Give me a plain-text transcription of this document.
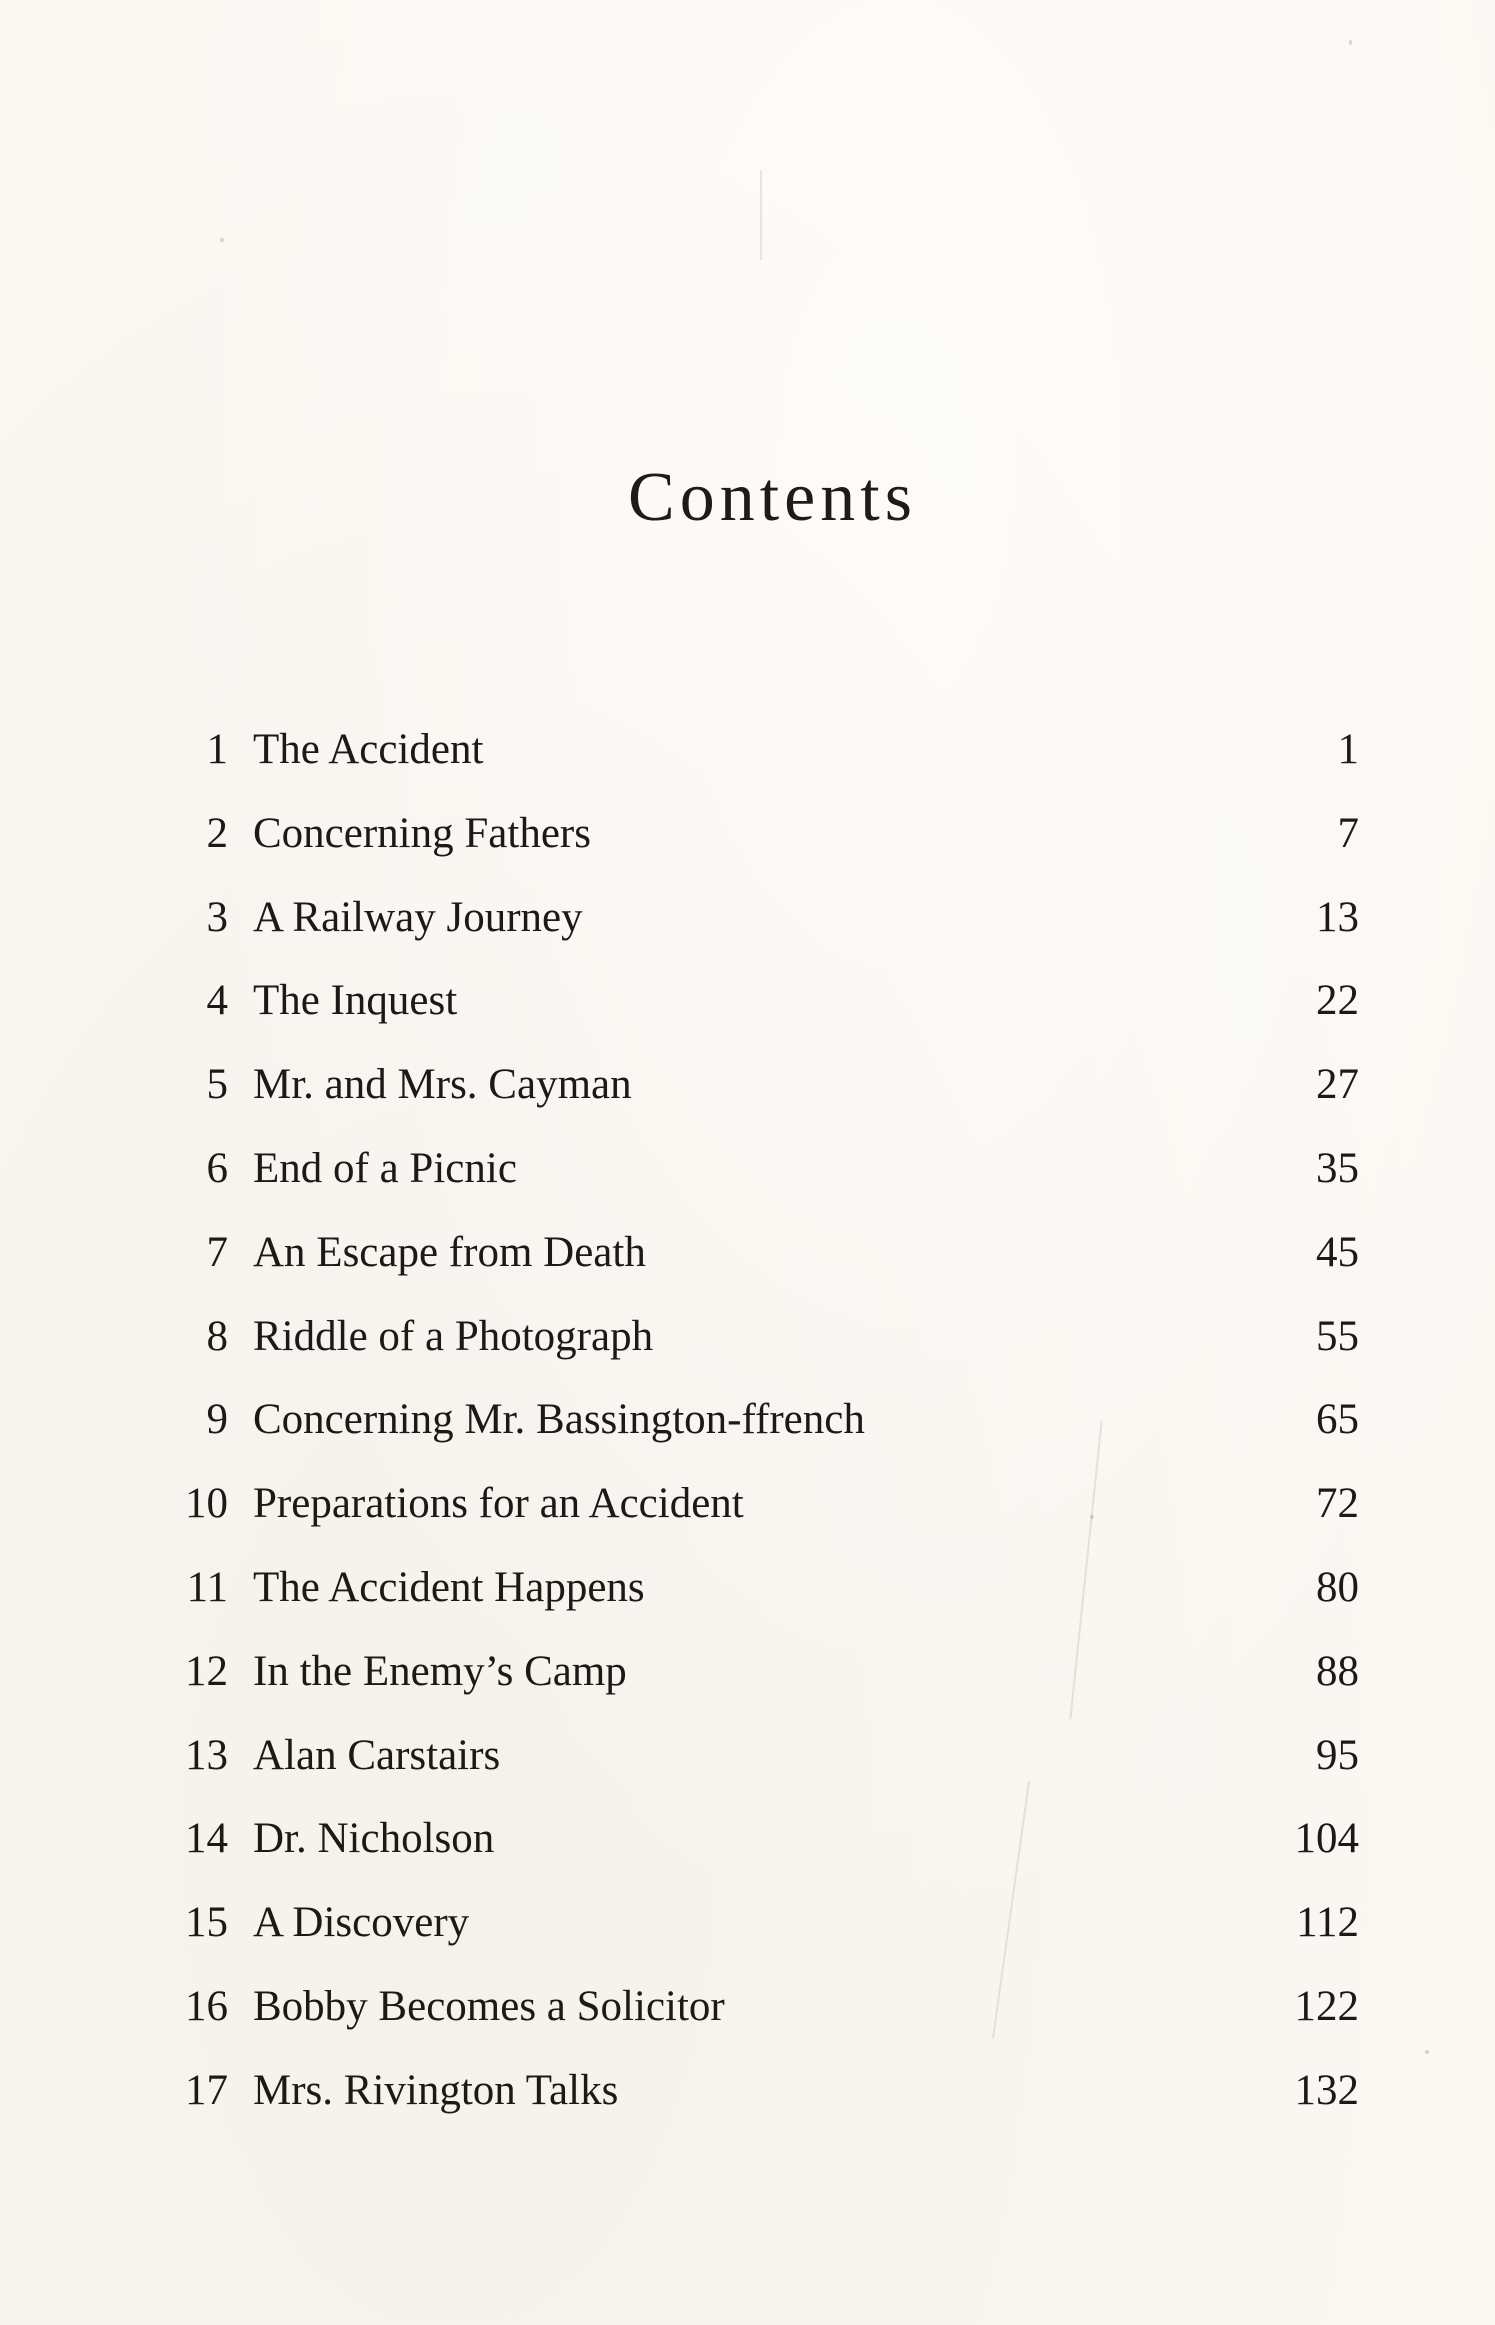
Contents
1 The Accident	1
2 Concerning Fathers	7
3 A Railway Journey	13
4 The Inquest	22
5 Mr. and Mrs. Cayman	27
6 End of a Picnic	35
7 An Escape from Death	45
8 Riddle of a Photograph	55
9 Concerning Mr. Bassington-ffrench	65
10 Preparations for an Accident	72
11 The Accident Happens	80
12 In the Enemy’s Camp	88
13 Alan Carstairs	95
14 Dr. Nicholson	104
15 A Discovery	112
16 Bobby Becomes a Solicitor	122
17 Mrs. Rivington Talks	132
